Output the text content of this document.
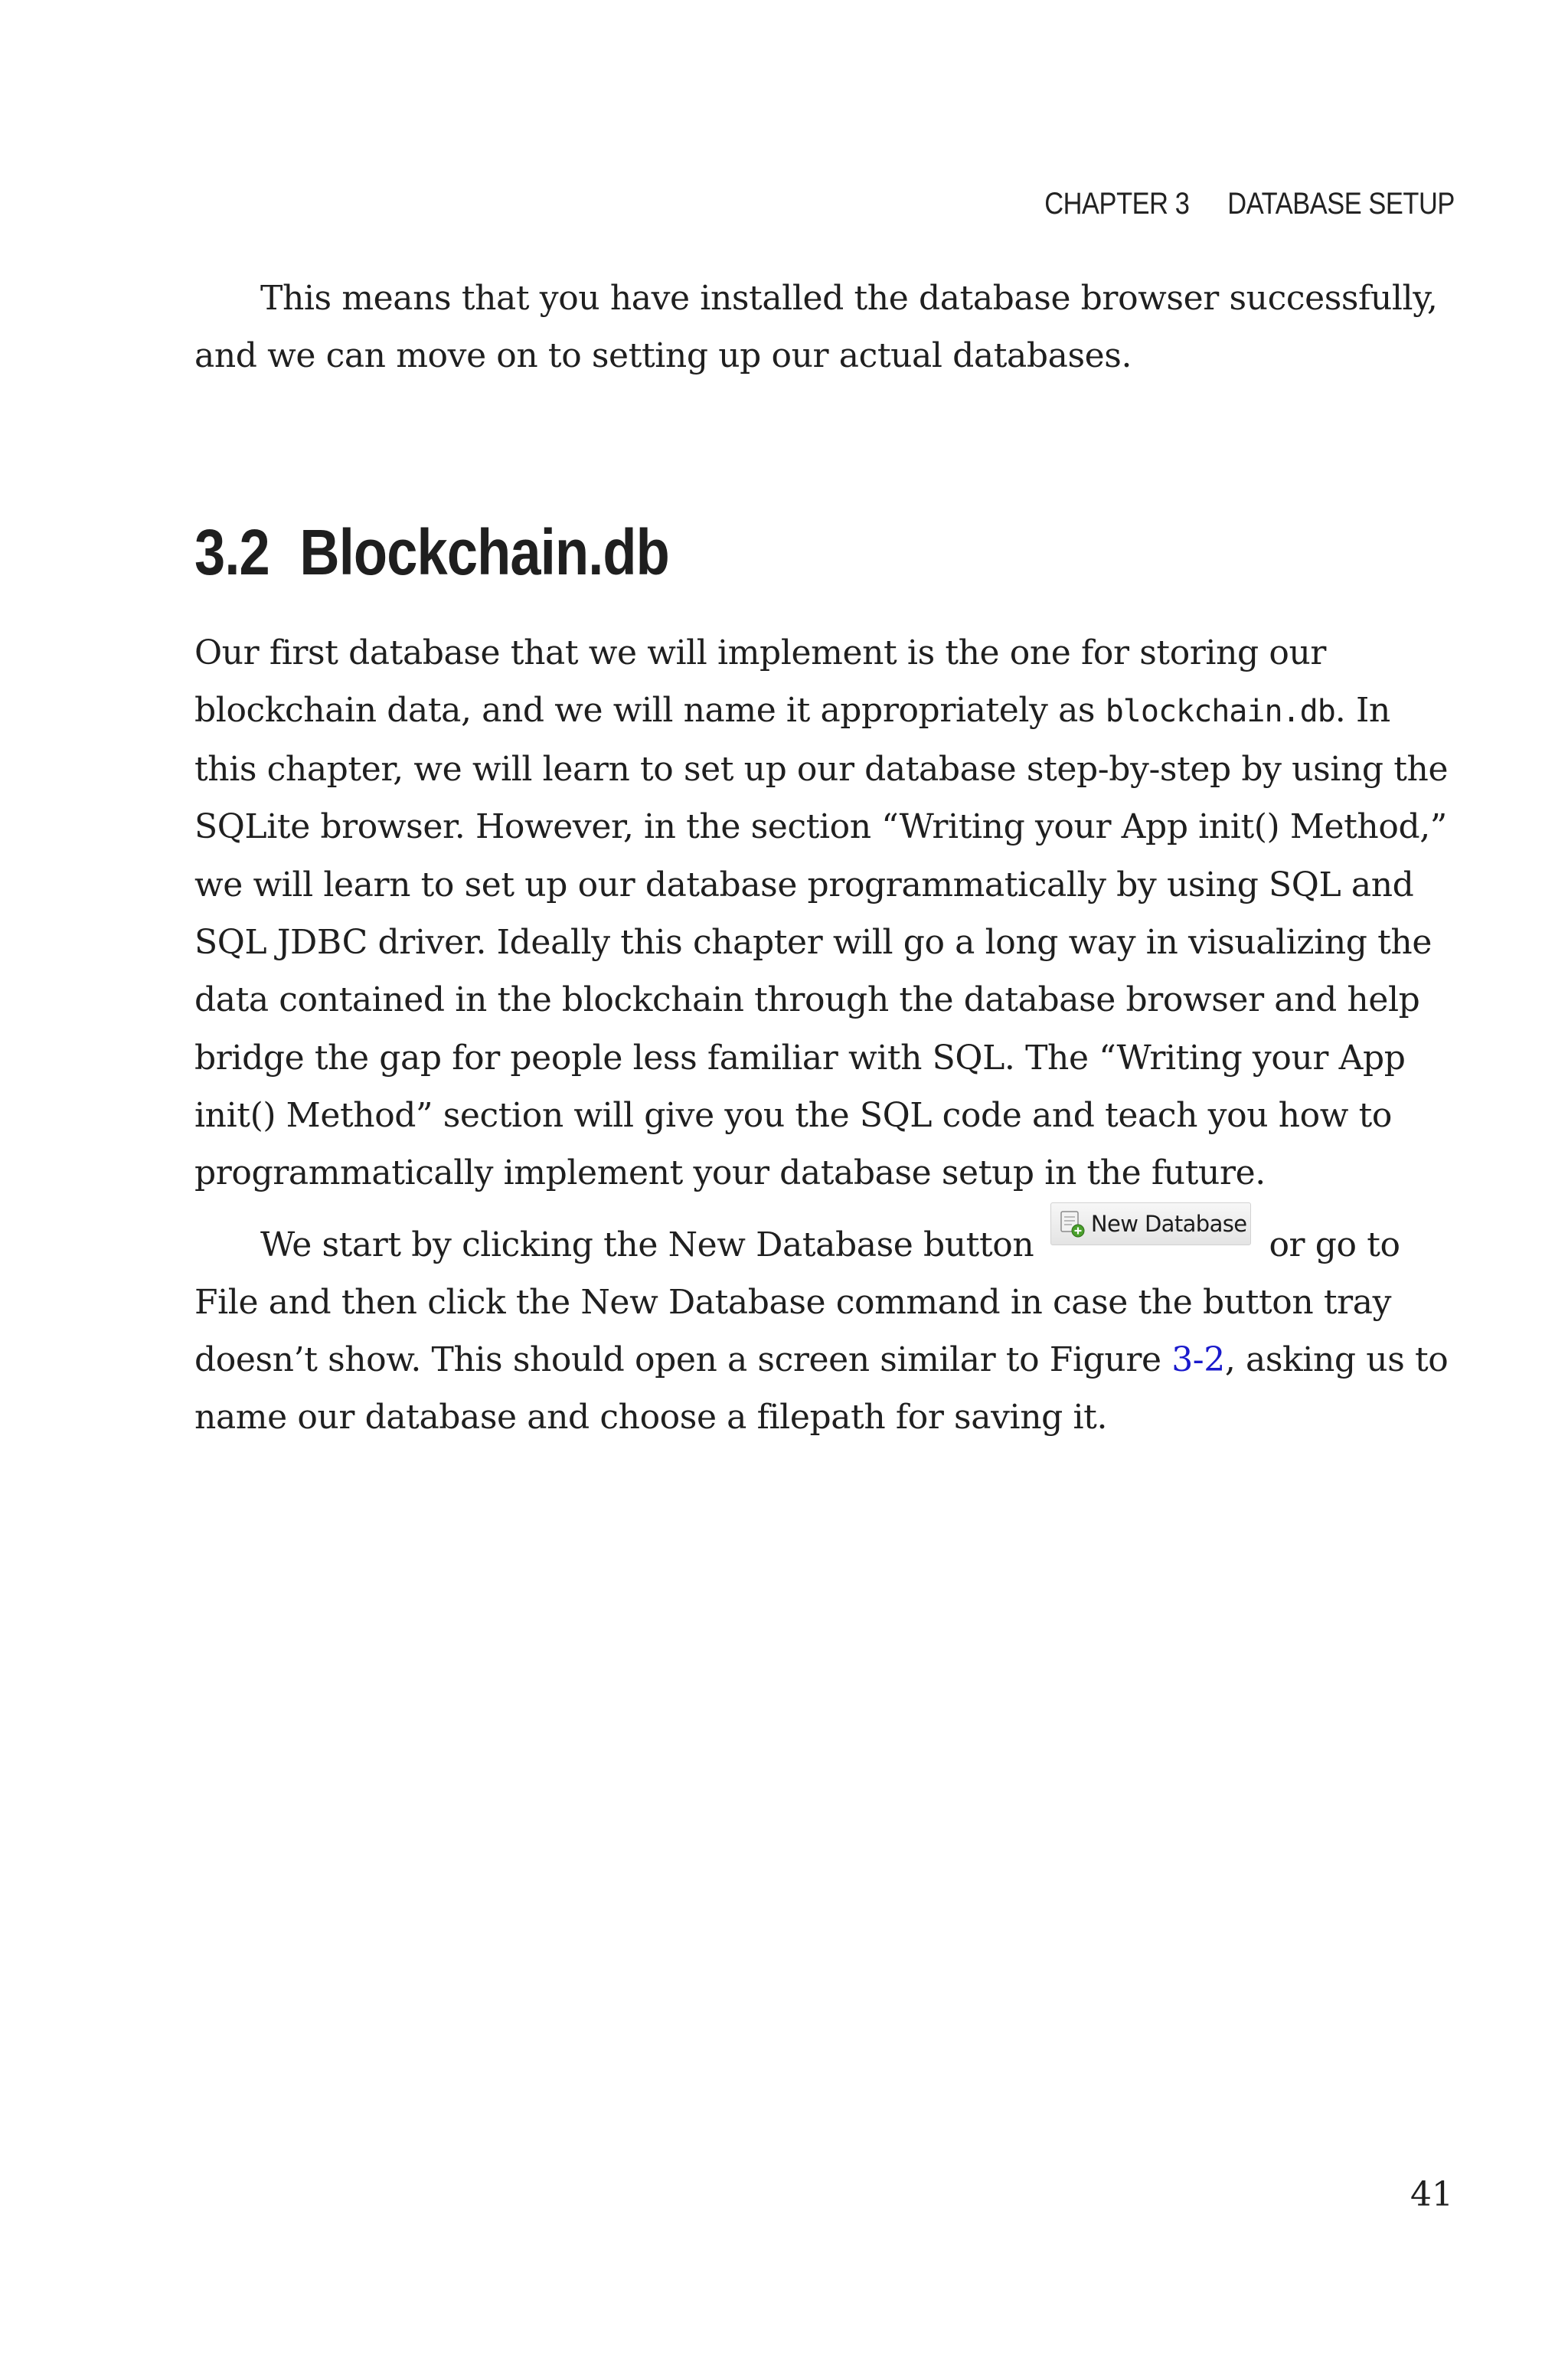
CHAPTER 3 DATABASE SETUP

This means that you have installed the database browser successfully, and we can move on to setting up our actual databases.

3.2 Blockchain.db

Our first database that we will implement is the one for storing our blockchain data, and we will name it appropriately as blockchain.db. In this chapter, we will learn to set up our database step-by-step by using the SQLite browser. However, in the section “Writing your App init() Method,” we will learn to set up our database programmatically by using SQL and SQL JDBC driver. Ideally this chapter will go a long way in visualizing the data contained in the blockchain through the database browser and help bridge the gap for people less familiar with SQL. The “Writing your App init() Method” section will give you the SQL code and teach you how to programmatically implement your database setup in the future.

We start by clicking the New Database button
New Database
or go to File and then click the New Database command in case the button tray doesn’t show. This should open a screen similar to Figure 3-2, asking us to name our database and choose a filepath for saving it.

41
